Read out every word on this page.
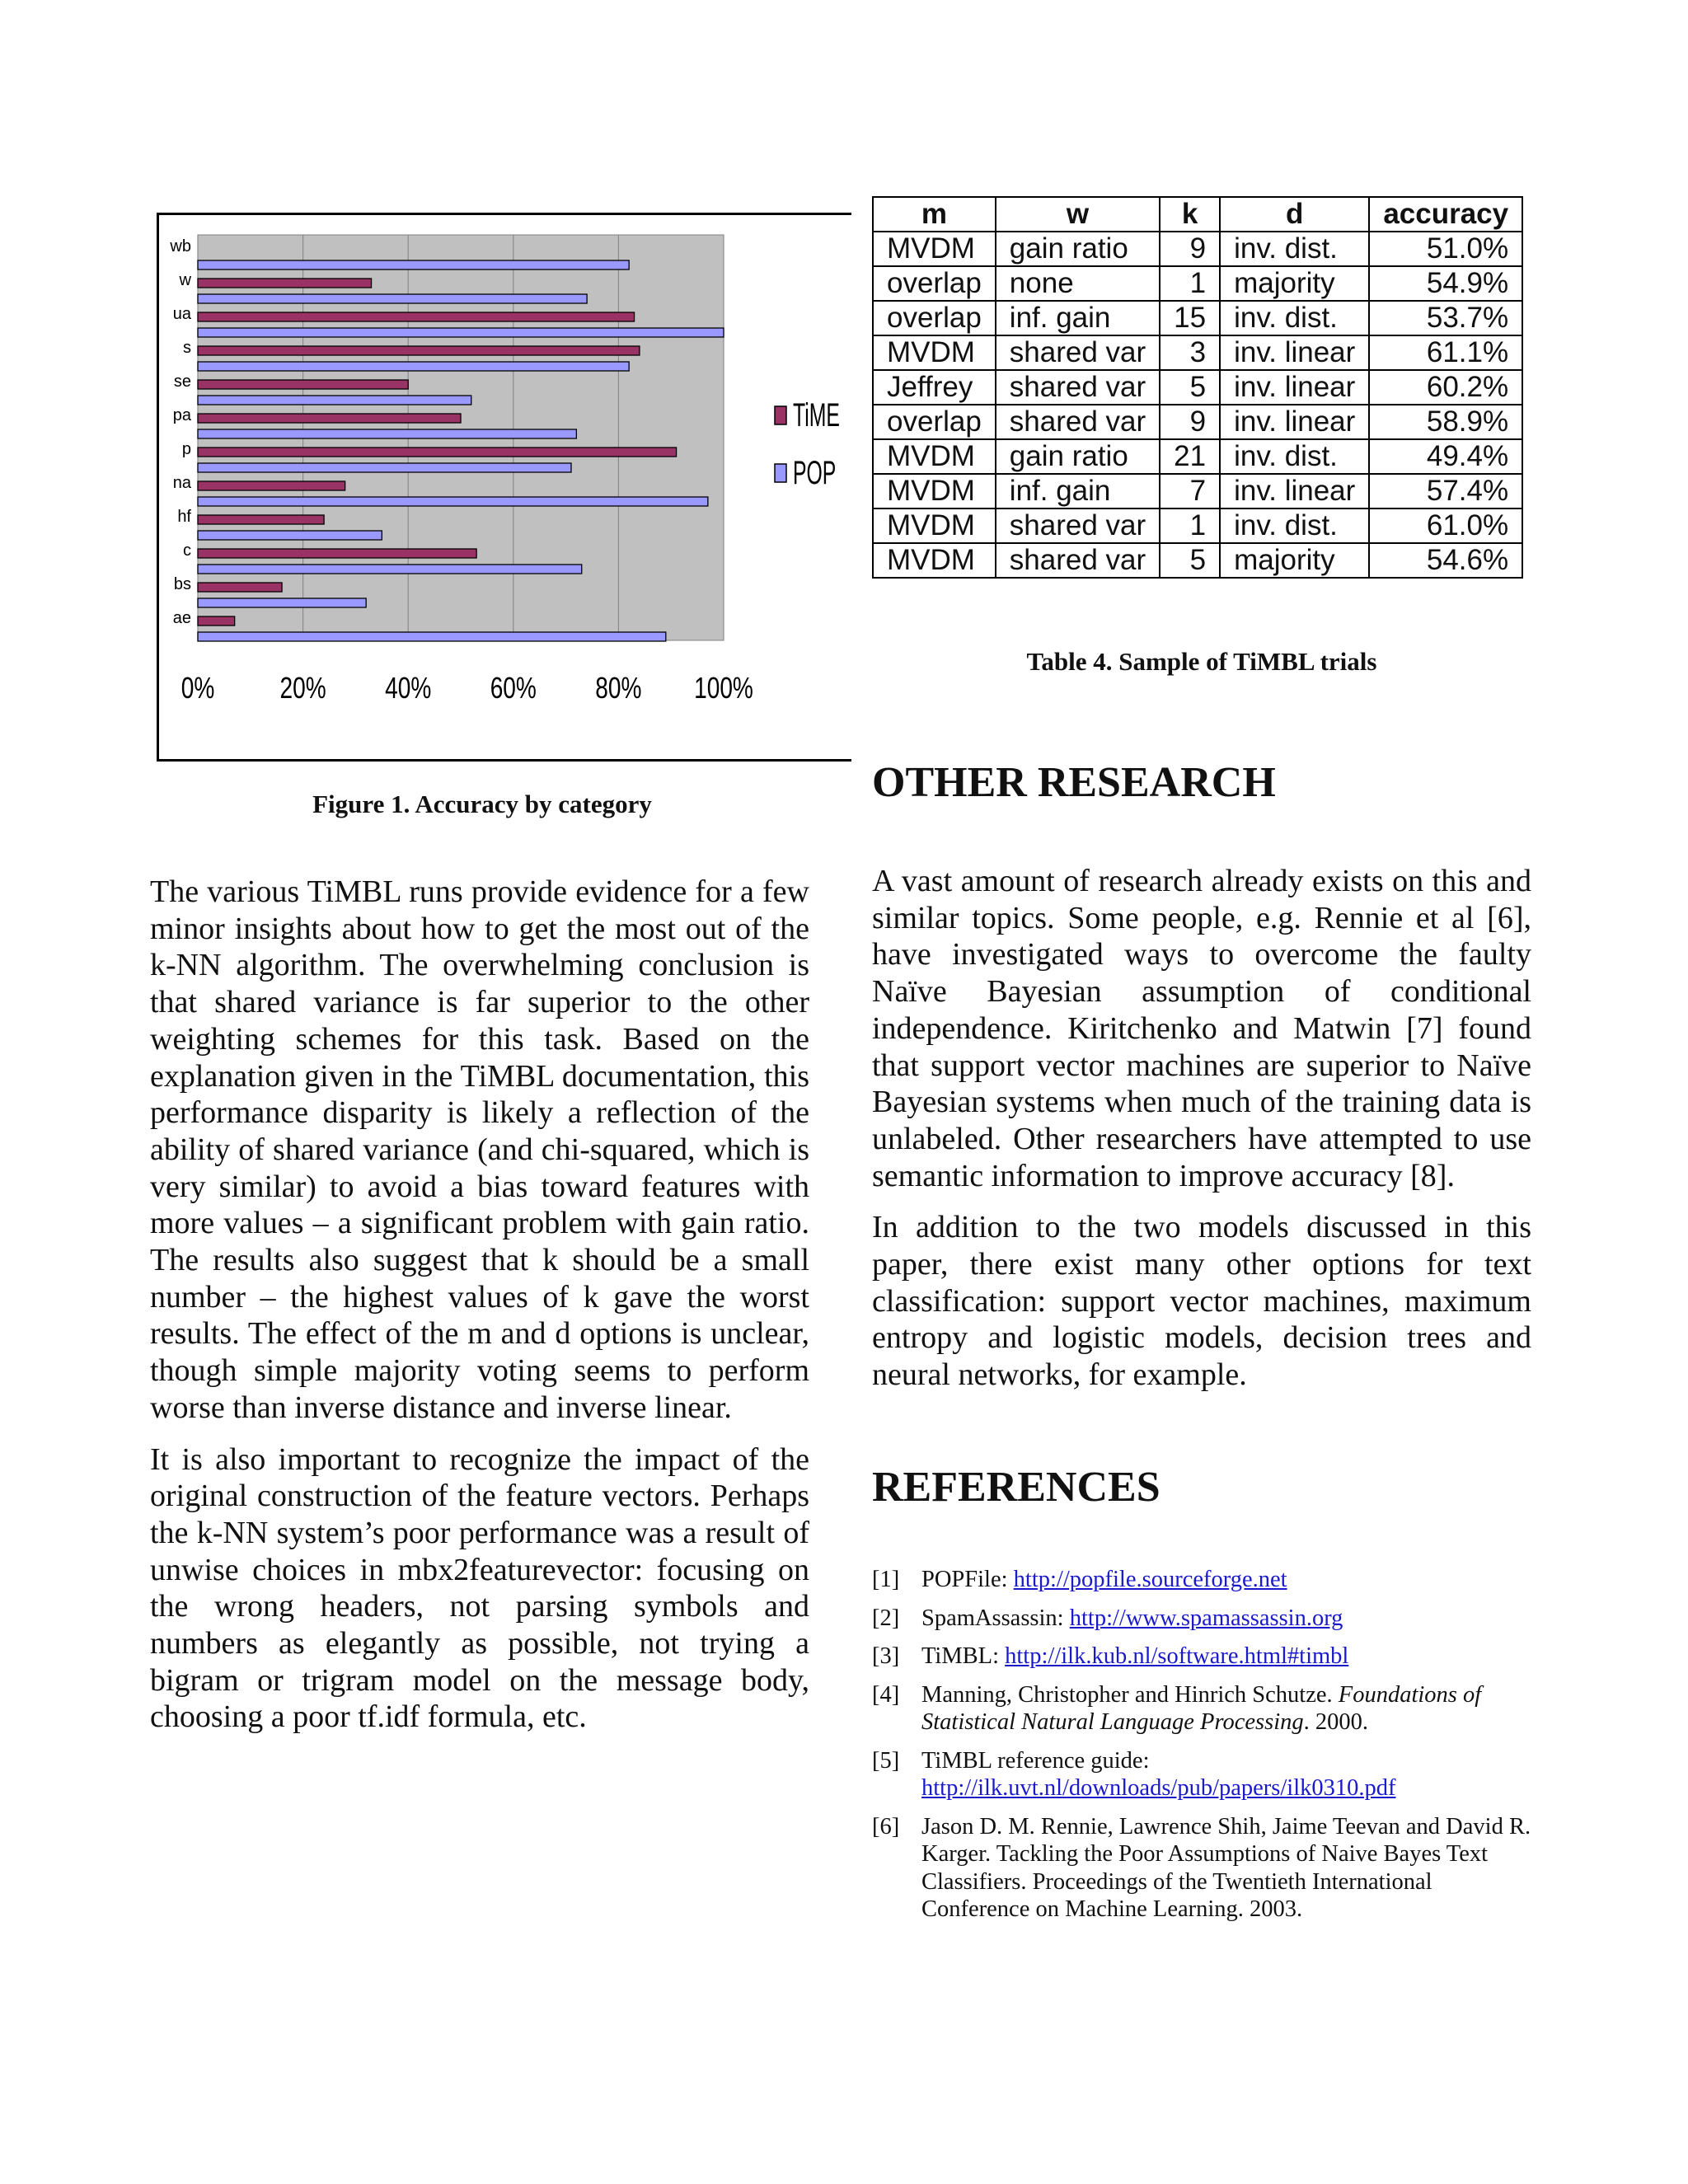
0% 20% 40% 60% 80% 100%
wb
w
ua
s
se
pa
p
na
hf
c
bs
ae
TiME
POP
Figure 1. Accuracy by category
m	w	k	d	accuracy
MVDM	gain ratio	9	inv. dist.	51.0%
overlap	none	1	majority	54.9%
overlap	inf. gain	15	inv. dist.	53.7%
MVDM	shared var	3	inv. linear	61.1%
Jeffrey	shared var	5	inv. linear	60.2%
overlap	shared var	9	inv. linear	58.9%
MVDM	gain ratio	21	inv. dist.	49.4%
MVDM	inf. gain	7	inv. linear	57.4%
MVDM	shared var	1	inv. dist.	61.0%
MVDM	shared var	5	majority	54.6%
Table 4. Sample of TiMBL trials

The various TiMBL runs provide evidence for a few minor insights about how to get the most out of the k-NN algorithm. The overwhelming conclusion is that shared variance is far superior to the other weighting schemes for this task. Based on the explanation given in the TiMBL documentation, this performance disparity is likely a reflection of the ability of shared variance (and chi-squared, which is very similar) to avoid a bias toward features with more values – a significant problem with gain ratio. The results also suggest that k should be a small number – the highest values of k gave the worst results. The effect of the m and d options is unclear, though simple majority voting seems to perform worse than inverse distance and inverse linear.

It is also important to recognize the impact of the original construction of the feature vectors. Perhaps the k-NN system’s poor performance was a result of unwise choices in mbx2featurevector: focusing on the wrong headers, not parsing symbols and numbers as elegantly as possible, not trying a bigram or trigram model on the message body, choosing a poor tf.idf formula, etc.

OTHER RESEARCH

A vast amount of research already exists on this and similar topics. Some people, e.g. Rennie et al [6], have investigated ways to overcome the faulty Naïve Bayesian assumption of conditional independence. Kiritchenko and Matwin [7] found that support vector machines are superior to Naïve Bayesian systems when much of the training data is unlabeled. Other researchers have attempted to use semantic information to improve accuracy [8].

In addition to the two models discussed in this paper, there exist many other options for text classification: support vector machines, maximum entropy and logistic models, decision trees and neural networks, for example.

REFERENCES
[1] POPFile: http://popfile.sourceforge.net
[2] SpamAssassin: http://www.spamassassin.org
[3] TiMBL: http://ilk.kub.nl/software.html#timbl
[4] Manning, Christopher and Hinrich Schutze. Foundations of Statistical Natural Language Processing. 2000.
[5] TiMBL reference guide: http://ilk.uvt.nl/downloads/pub/papers/ilk0310.pdf
[6] Jason D. M. Rennie, Lawrence Shih, Jaime Teevan and David R. Karger. Tackling the Poor Assumptions of Naive Bayes Text Classifiers. Proceedings of the Twentieth International Conference on Machine Learning. 2003.
